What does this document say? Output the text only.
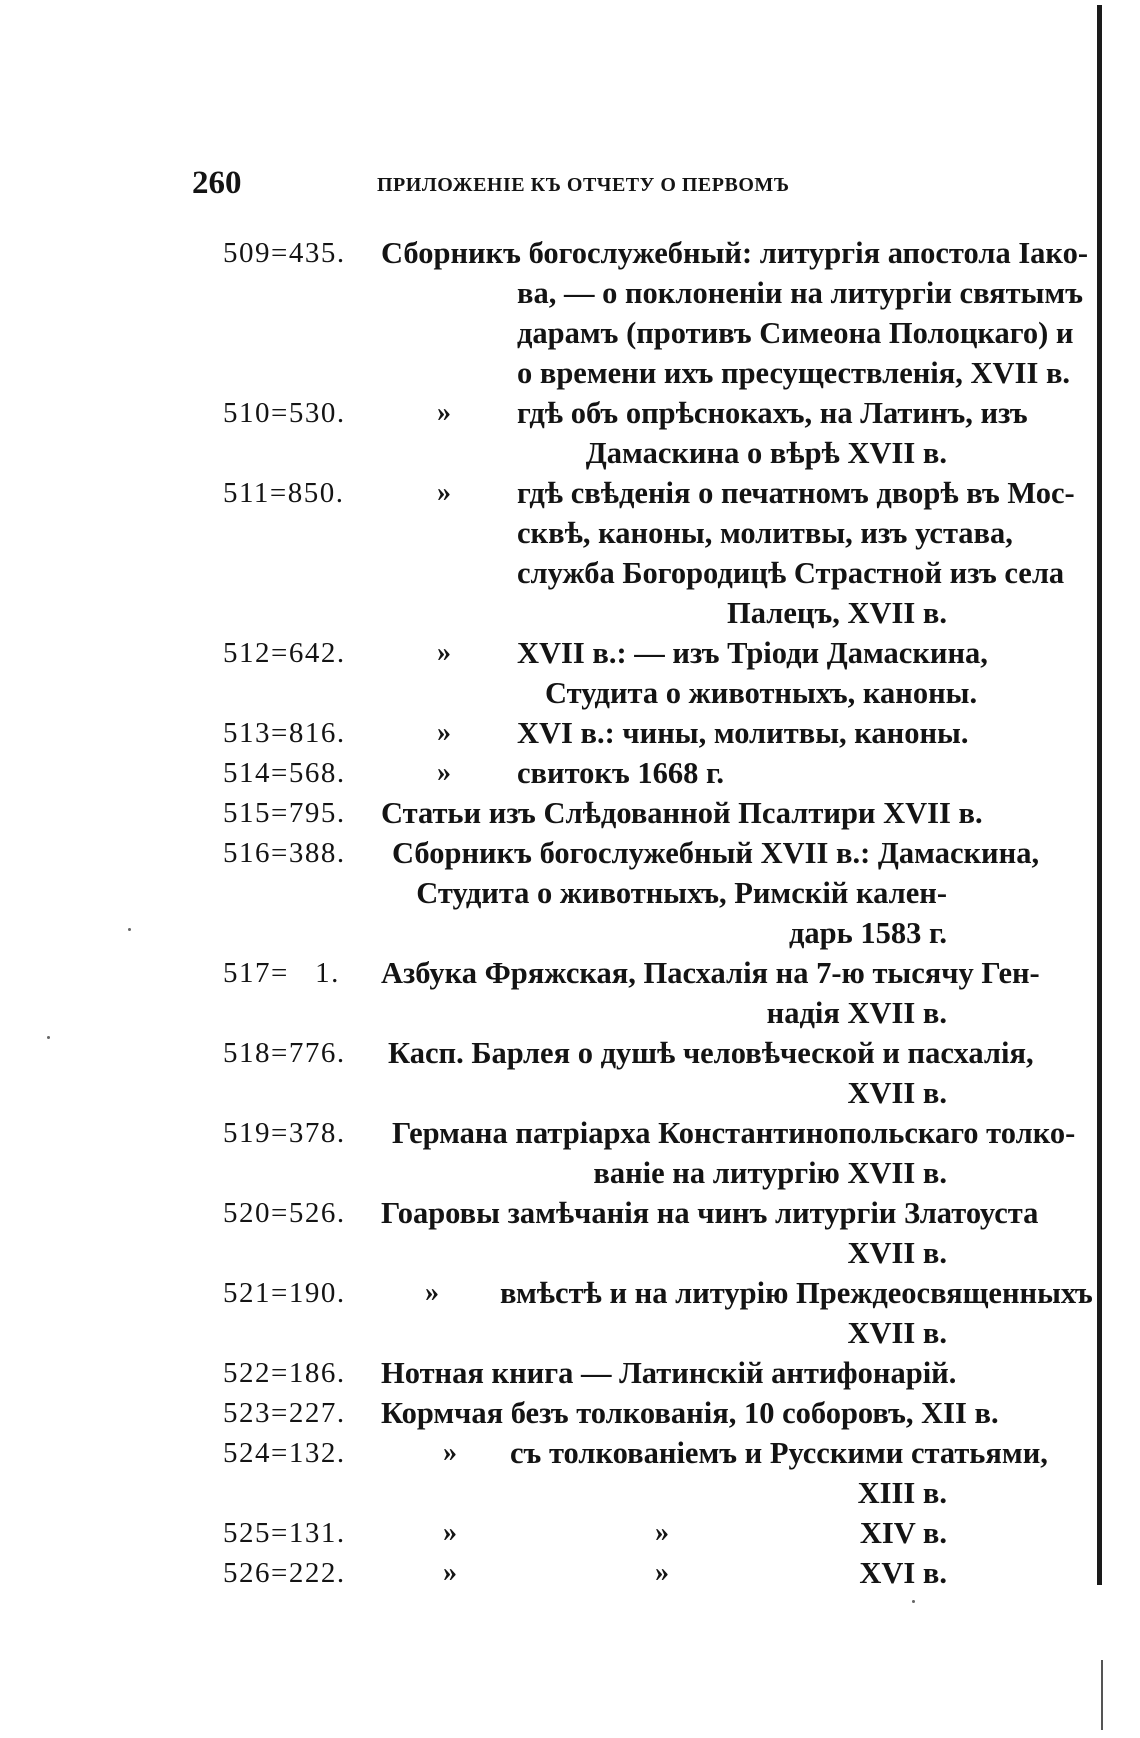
260	ПРИЛОЖЕНІЕ КЪ ОТЧЕТУ О ПЕРВОМЪ
509=435. Сборникъ богослужебный: литургія апостола Іако-
ва, — о поклоненіи на литургіи святымъ
дарамъ (противъ Симеона Полоцкаго) и
о времени ихъ пресуществленія, XVII в.
510=530.	» гдѣ объ опрѣснокахъ, на Латинъ, изъ
Дамаскина о вѣрѣ XVII в.
511=850.	» гдѣ свѣденія о печатномъ дворѣ въ Мос-
сквѣ, каноны, молитвы, изъ устава,
служба Богородицѣ Страстной изъ села
Палецъ, XVII в.
512=642.	» XVII в.: — изъ Тріоди Дамаскина,
Студита о животныхъ, каноны.
513=816.	» XVI в.: чины, молитвы, каноны.
514=568.	» свитокъ 1668 г.
515=795. Статьи изъ Слѣдованной Псалтири XVII в.
516=388. Сборникъ богослужебный XVII в.: Дамаскина,
Студита о животныхъ, Римскій кален-
дарь 1583 г.
517=   1. Азбука Фряжская, Пасхалія на 7-ю тысячу Ген-
надія XVII в.
518=776. Касп. Барлея о душѣ человѣческой и пасхалія,
XVII в.
519=378. Германа патріарха Константинопольскаго толко-
ваніе на литургію XVII в.
520=526. Гоаровы замѣчанія на чинъ литургіи Златоуста
XVII в.
521=190.	» вмѣстѣ и на литурію Преждеосвященныхъ
XVII в.
522=186. Нотная книга — Латинскій антифонарій.
523=227. Кормчая безъ толкованія, 10 соборовъ, XII в.
524=132.	» съ толкованіемъ и Русскими статьями,
XIII в.
525=131.	»	»	XIV в.
526=222.	»	»	XVI в.
